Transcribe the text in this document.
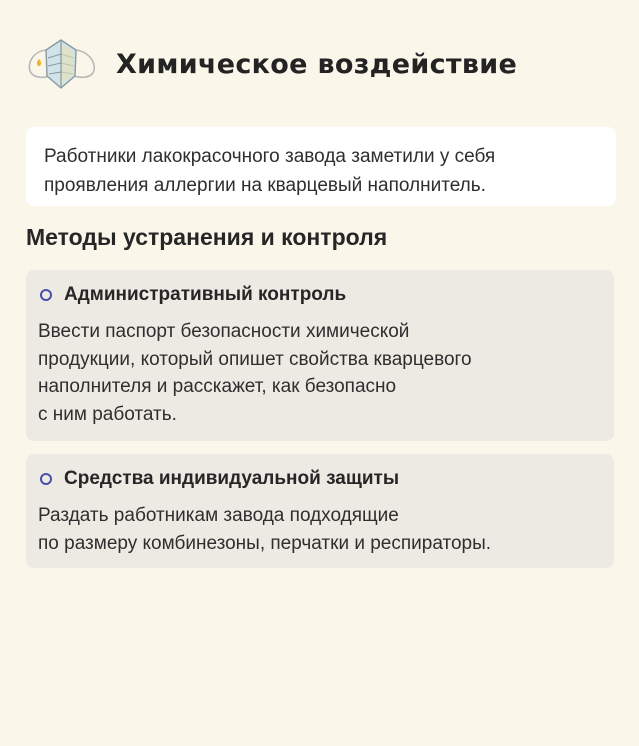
Химическое воздействие
Работники лакокрасочного завода заметили у себя
проявления аллергии на кварцевый наполнитель.
Методы устранения и контроля
Административный контроль
Ввести паспорт безопасности химической
продукции, который опишет свойства кварцевого
наполнителя и расскажет, как безопасно
с ним работать.
Средства индивидуальной защиты
Раздать работникам завода подходящие
по размеру комбинезоны, перчатки и респираторы.
